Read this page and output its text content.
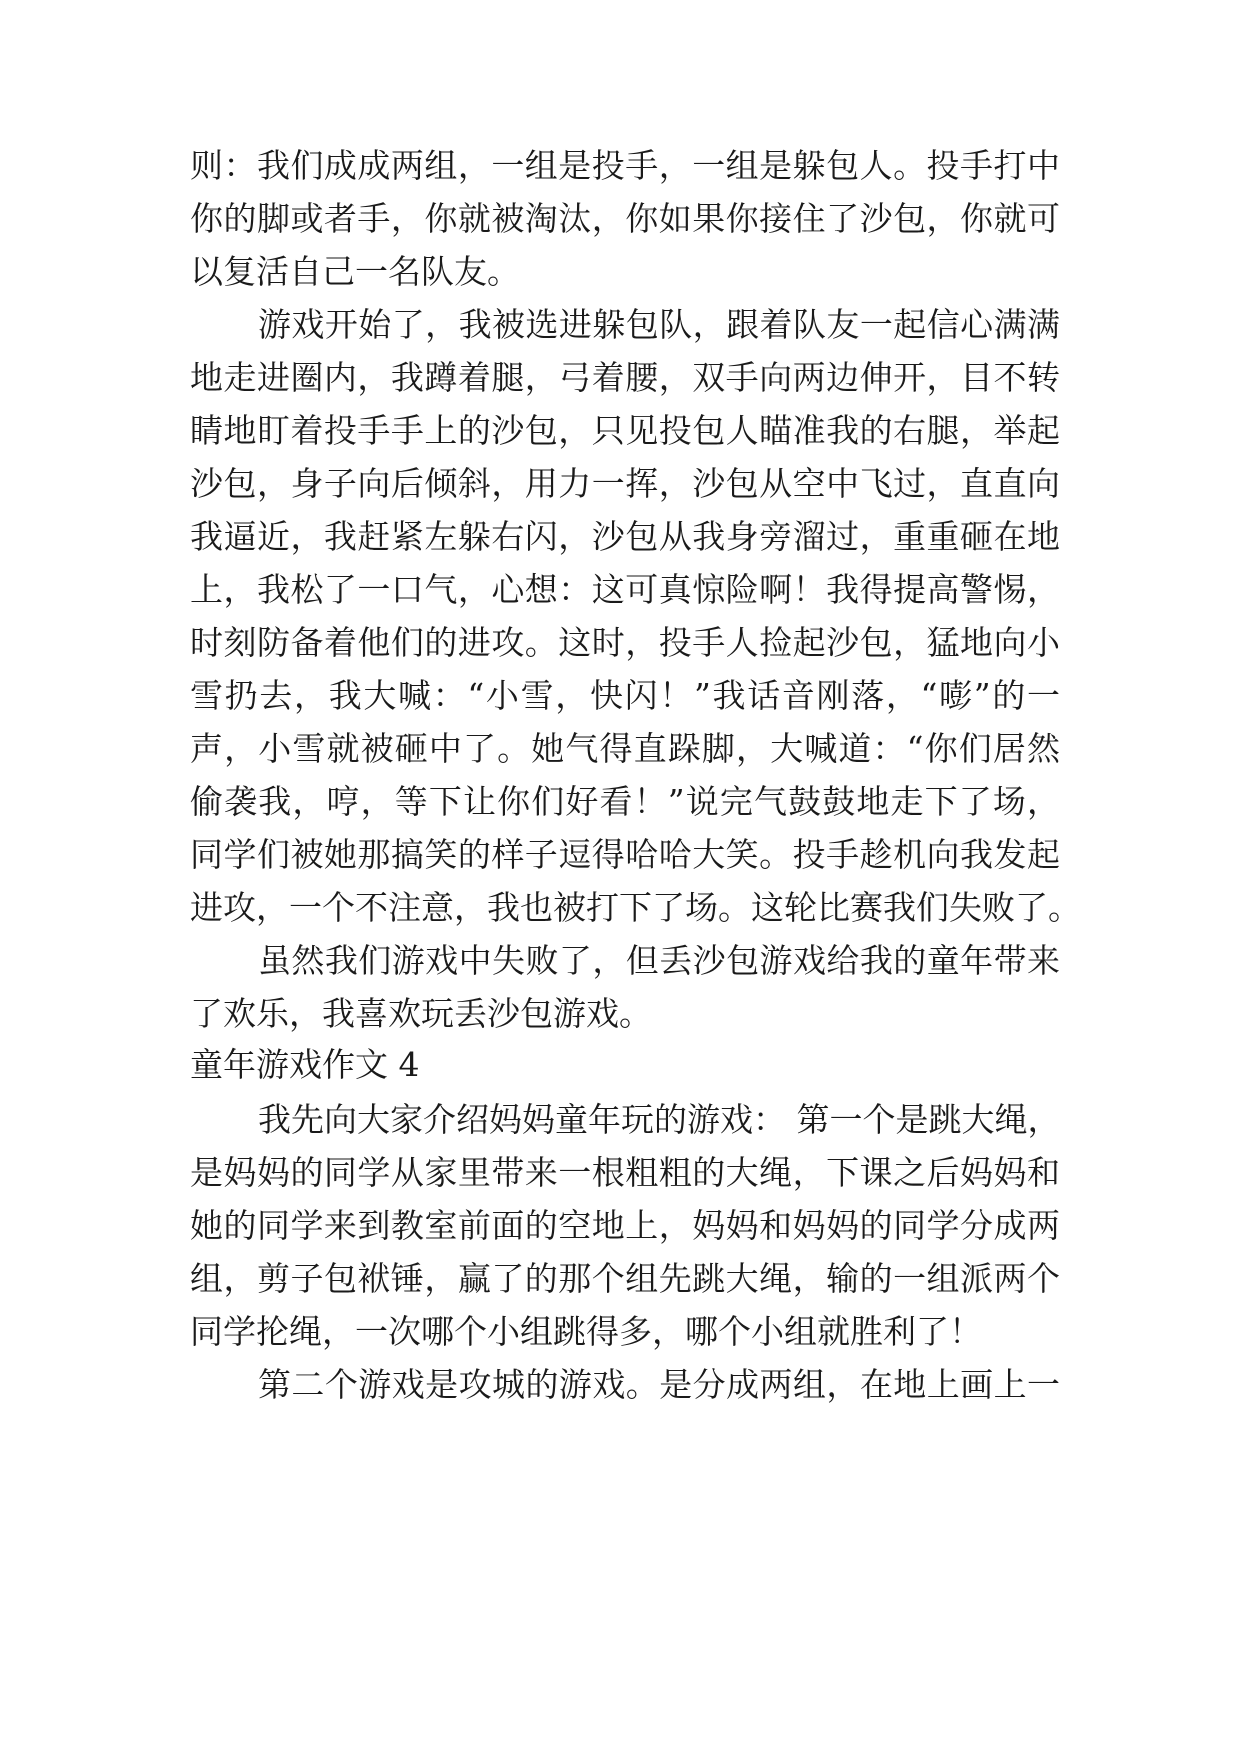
则：我们成成两组，一组是投手，一组是躲包人。投手打中
你的脚或者手，你就被淘汰，你如果你接住了沙包，你就可
以复活自己一名队友。
游戏开始了，我被选进躲包队，跟着队友一起信心满满
地走进圈内，我蹲着腿，弓着腰，双手向两边伸开，目不转
睛地盯着投手手上的沙包，只见投包人瞄准我的右腿，举起
沙包，身子向后倾斜，用力一挥，沙包从空中飞过，直直向
我逼近，我赶紧左躲右闪，沙包从我身旁溜过，重重砸在地
上，我松了一口气，心想：这可真惊险啊！我得提高警惕，
时刻防备着他们的进攻。这时，投手人捡起沙包，猛地向小
雪扔去，我大喊：“小雪，快闪！”我话音刚落，“嘭”的一
声，小雪就被砸中了。她气得直跺脚，大喊道：“你们居然
偷袭我，哼，等下让你们好看！”说完气鼓鼓地走下了场，
同学们被她那搞笑的样子逗得哈哈大笑。投手趁机向我发起
进攻，一个不注意，我也被打下了场。这轮比赛我们失败了。
虽然我们游戏中失败了，但丢沙包游戏给我的童年带来
了欢乐，我喜欢玩丢沙包游戏。
童年游戏作文 4
我先向大家介绍妈妈童年玩的游戏： 第一个是跳大绳，
是妈妈的同学从家里带来一根粗粗的大绳，下课之后妈妈和
她的同学来到教室前面的空地上，妈妈和妈妈的同学分成两
组，剪子包袱锤，赢了的那个组先跳大绳，输的一组派两个
同学抡绳，一次哪个小组跳得多，哪个小组就胜利了！
第二个游戏是攻城的游戏。是分成两组，在地上画上一
